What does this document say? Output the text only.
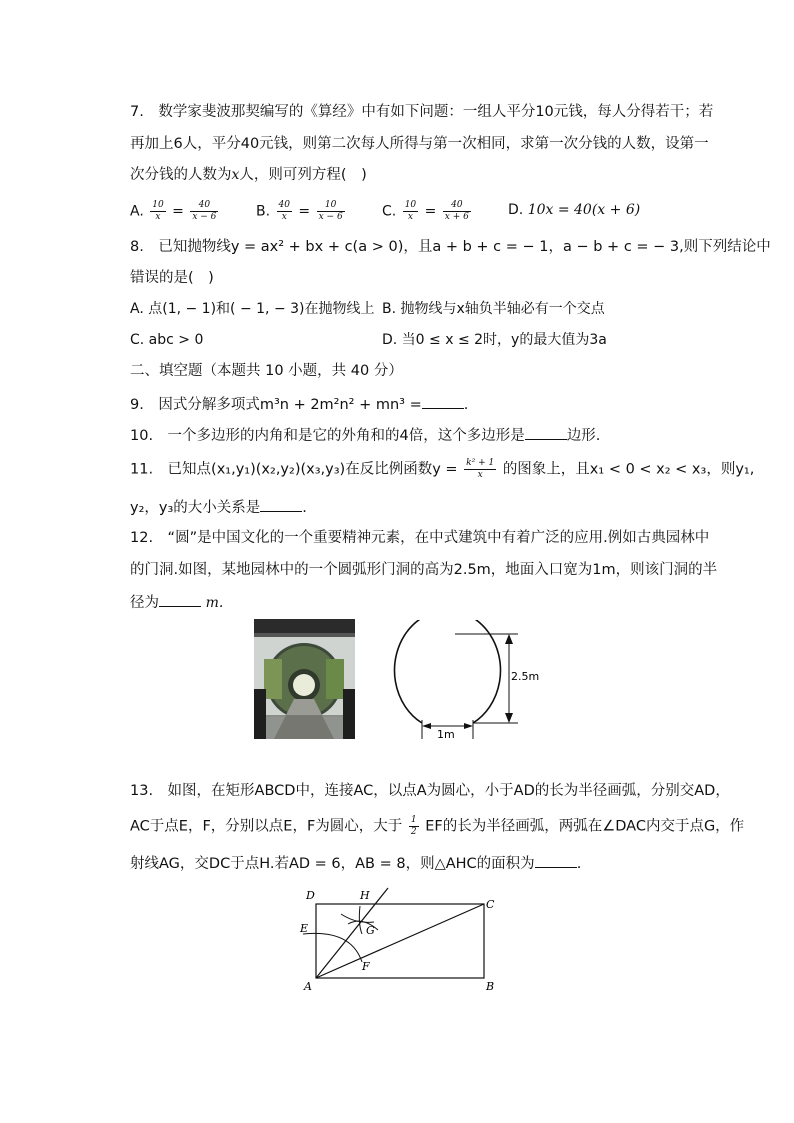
7.　数学家斐波那契编写的《算经》中有如下问题：一组人平分10元钱，每人分得若干；若
再加上6人，平分40元钱，则第二次每人所得与第一次相同，求第一次分钱的人数，设第一
次分钱的人数为x人，则可列方程(　)
A. $\frac{10}{x} = \frac{40}{x - 6}$	B. $\frac{40}{x} = \frac{10}{x - 6}$	C. $\frac{10}{x} = \frac{40}{x + 6}$	D. 10x = 40(x + 6)
8.　已知抛物线y = ax² + bx + c(a > 0)，且a + b + c = − 1，a − b + c = − 3,则下列结论中
错误的是(　)
A. 点(1, − 1)和( − 1, − 3)在抛物线上 B. 抛物线与x轴负半轴必有一个交点
C. abc > 0	D. 当0 ≤ x ≤ 2时，y的最大值为3a
二、填空题（本题共 10 小题，共 40 分）
9.　因式分解多项式m³n + 2m²n² + mn³ =	.
10.　一个多边形的内角和是它的外角和的4倍，这个多边形是	边形.
11.　已知点(x₁,y₁)(x₂,y₂)(x₃,y₃)在反比例函数$y = \frac{\text{k² + 1}}{x}$ 的图象上，且x₁ < 0 < x₂ < x₃，则y₁,
y₂，y₃的大小关系是	.
12.　“圆”是中国文化的一个重要精神元素，在中式建筑中有着广泛的应用.例如古典园林中
的门洞.如图，某地园林中的一个圆弧形门洞的高为2.5m，地面入口宽为1m，则该门洞的半
径为	m.
2.5m
1m
13.　如图，在矩形ABCD中，连接AC，以点A为圆心，小于AD的长为半径画弧，分别交AD，
AC于点E，F，分别以点E，F为圆心，大于 $\frac{1}{2}$ EF的长为半径画弧，两弧在∠DAC内交于点G，作
射线AG，交DC于点H.若AD = 6，AB = 8，则△AHC的面积为	.
D	H
C
E	G
F
A	B
